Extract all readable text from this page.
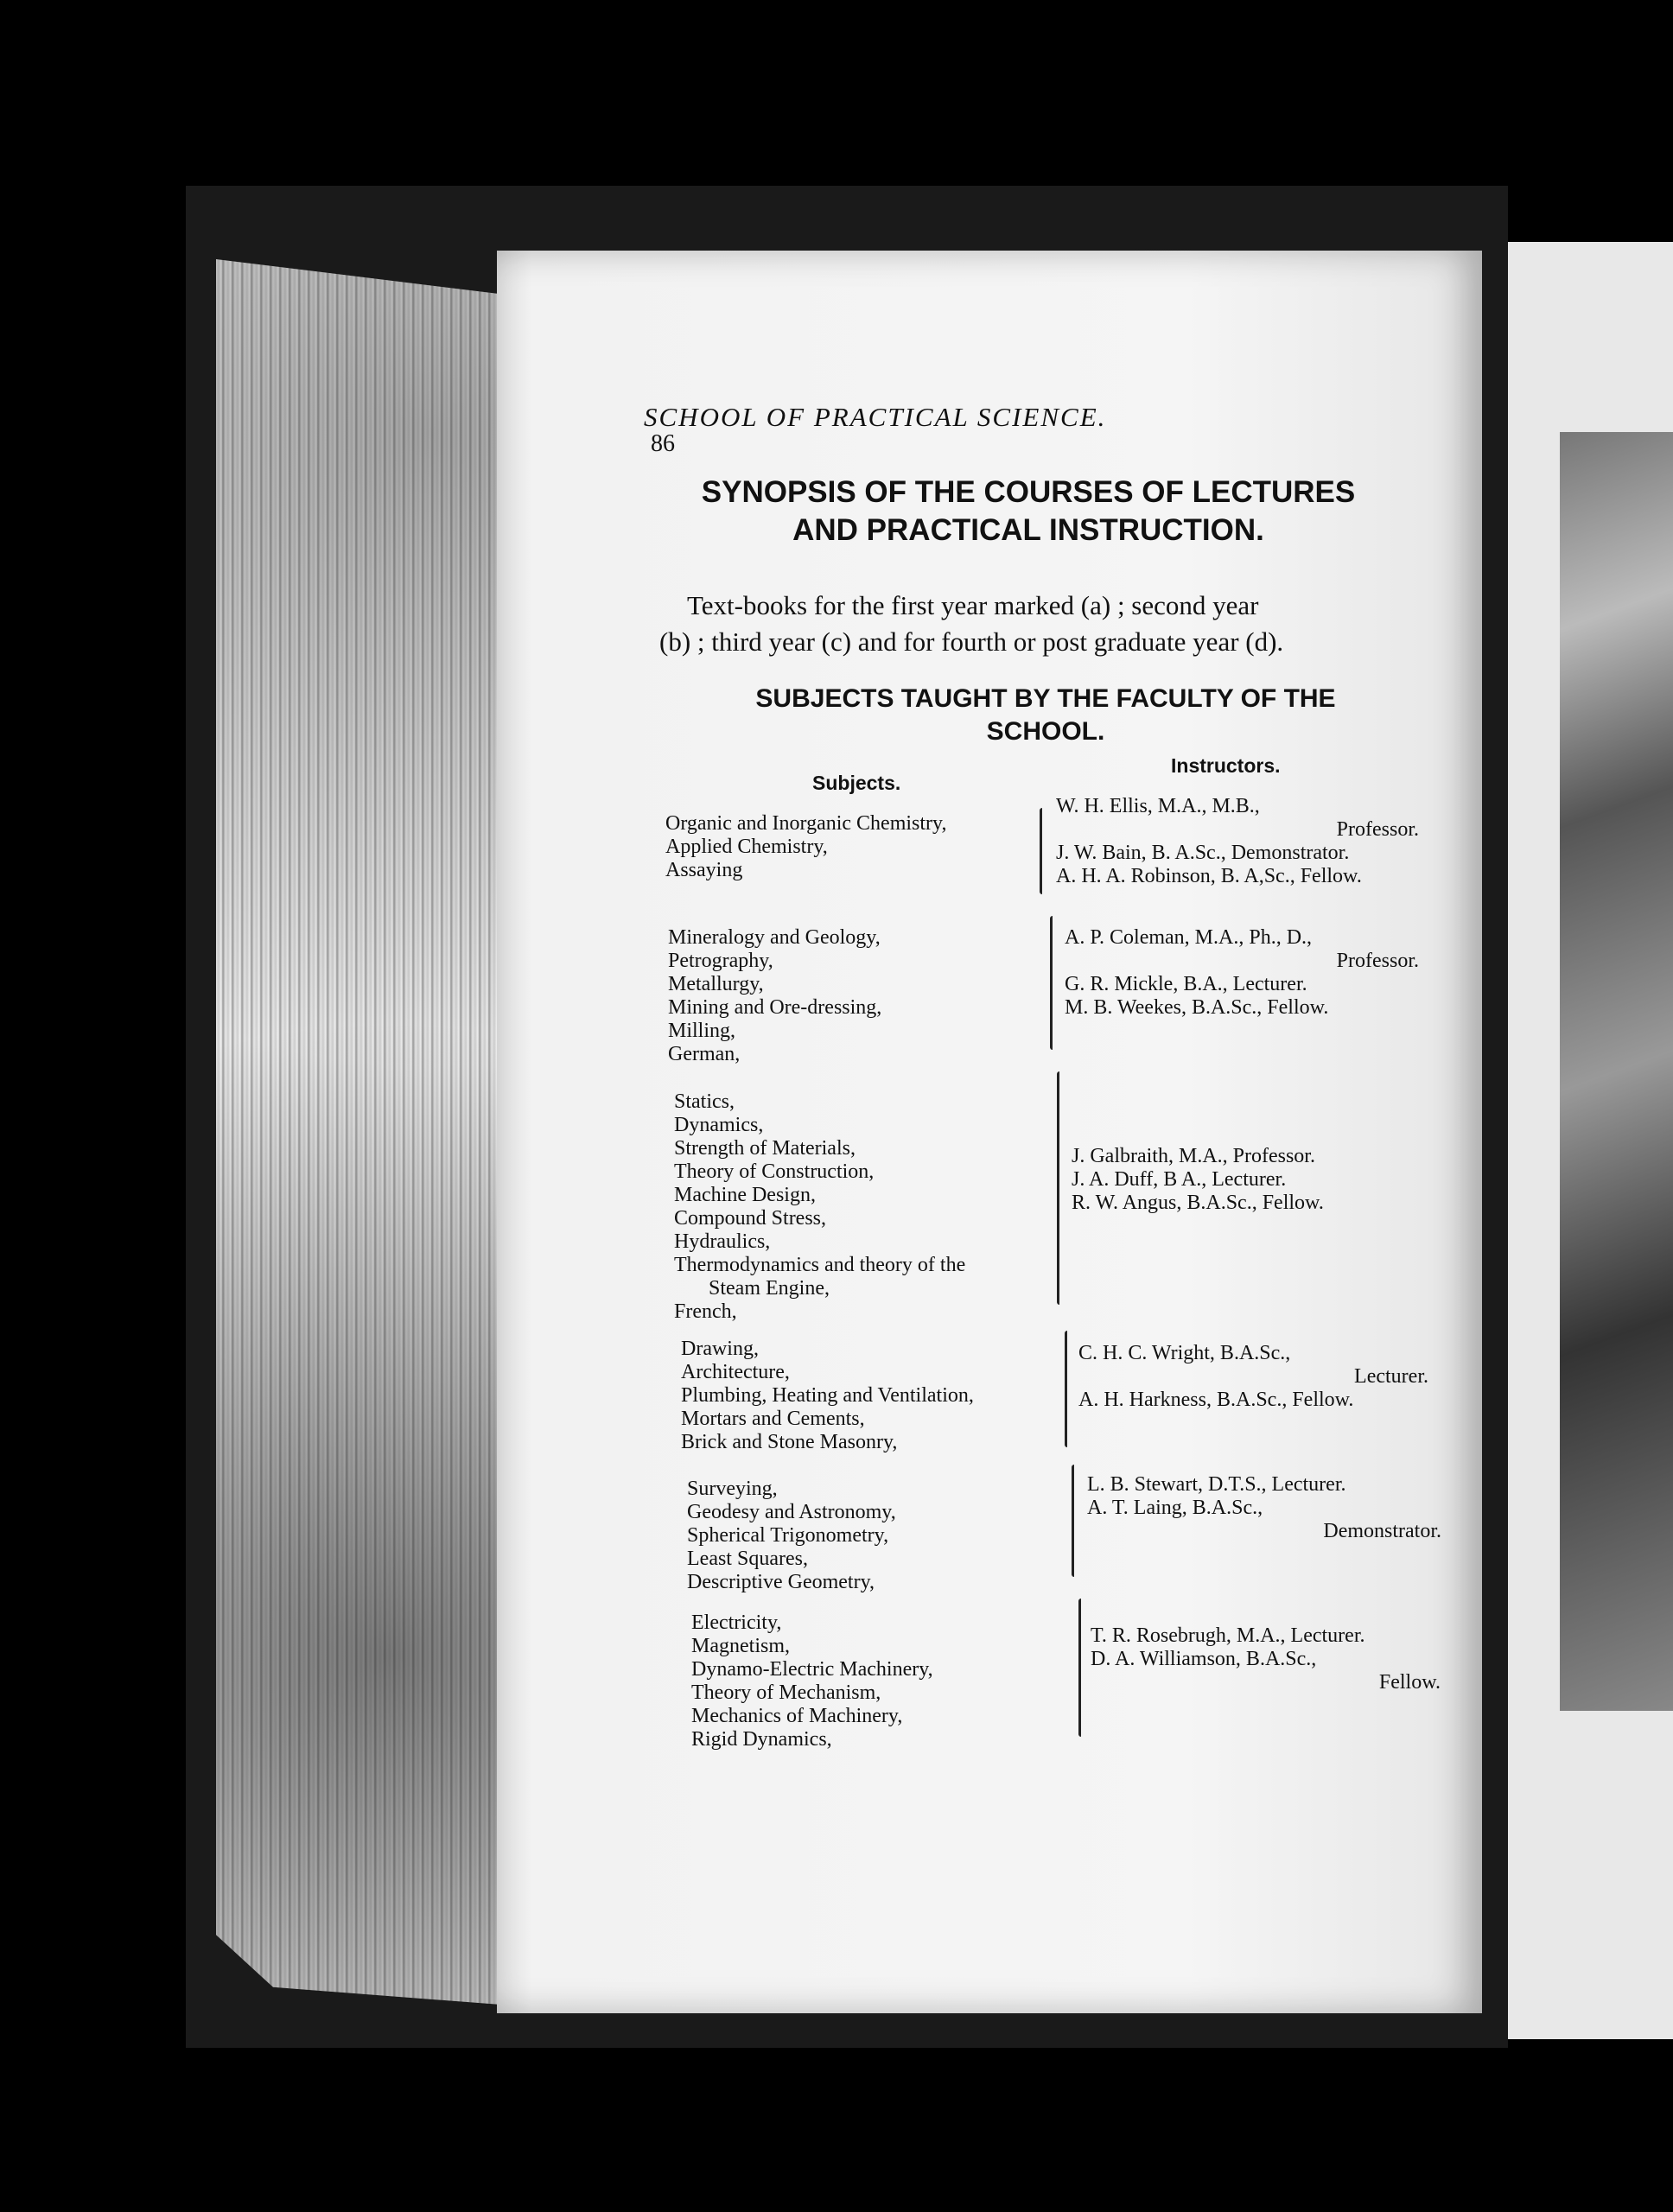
86
SCHOOL OF PRACTICAL SCIENCE.
SYNOPSIS OF THE COURSES OF LECTURES
AND PRACTICAL INSTRUCTION.
Text-books for the first year marked (a) ; second year
(b) ; third year (c) and for fourth or post graduate year (d).
SUBJECTS TAUGHT BY THE FACULTY OF THE
SCHOOL.
Subjects.
Instructors.
Organic and Inorganic Chemistry,
Applied Chemistry,
Assaying
W. H. Ellis, M.A., M.B.,
Professor.
J. W. Bain, B. A.Sc., Demonstrator.
A. H. A. Robinson, B. A,Sc., Fellow.
Mineralogy and Geology,
Petrography,
Metallurgy,
Mining and Ore-dressing,
Milling,
German,
A. P. Coleman, M.A., Ph., D.,
Professor.
G. R. Mickle, B.A., Lecturer.
M. B. Weekes, B.A.Sc., Fellow.
Statics,
Dynamics,
Strength of Materials,
Theory of Construction,
Machine Design,
Compound Stress,
Hydraulics,
Thermodynamics and theory of the
Steam Engine,
French,
J. Galbraith, M.A., Professor.
J. A. Duff, B A., Lecturer.
R. W. Angus, B.A.Sc., Fellow.
Drawing,
Architecture,
Plumbing, Heating and Ventilation,
Mortars and Cements,
Brick and Stone Masonry,
C. H. C. Wright, B.A.Sc.,
Lecturer.
A. H. Harkness, B.A.Sc., Fellow.
Surveying,
Geodesy and Astronomy,
Spherical Trigonometry,
Least Squares,
Descriptive Geometry,
L. B. Stewart, D.T.S., Lecturer.
A. T. Laing, B.A.Sc.,
Demonstrator.
Electricity,
Magnetism,
Dynamo-Electric Machinery,
Theory of Mechanism,
Mechanics of Machinery,
Rigid Dynamics,
T. R. Rosebrugh, M.A., Lecturer.
D. A. Williamson, B.A.Sc.,
Fellow.
